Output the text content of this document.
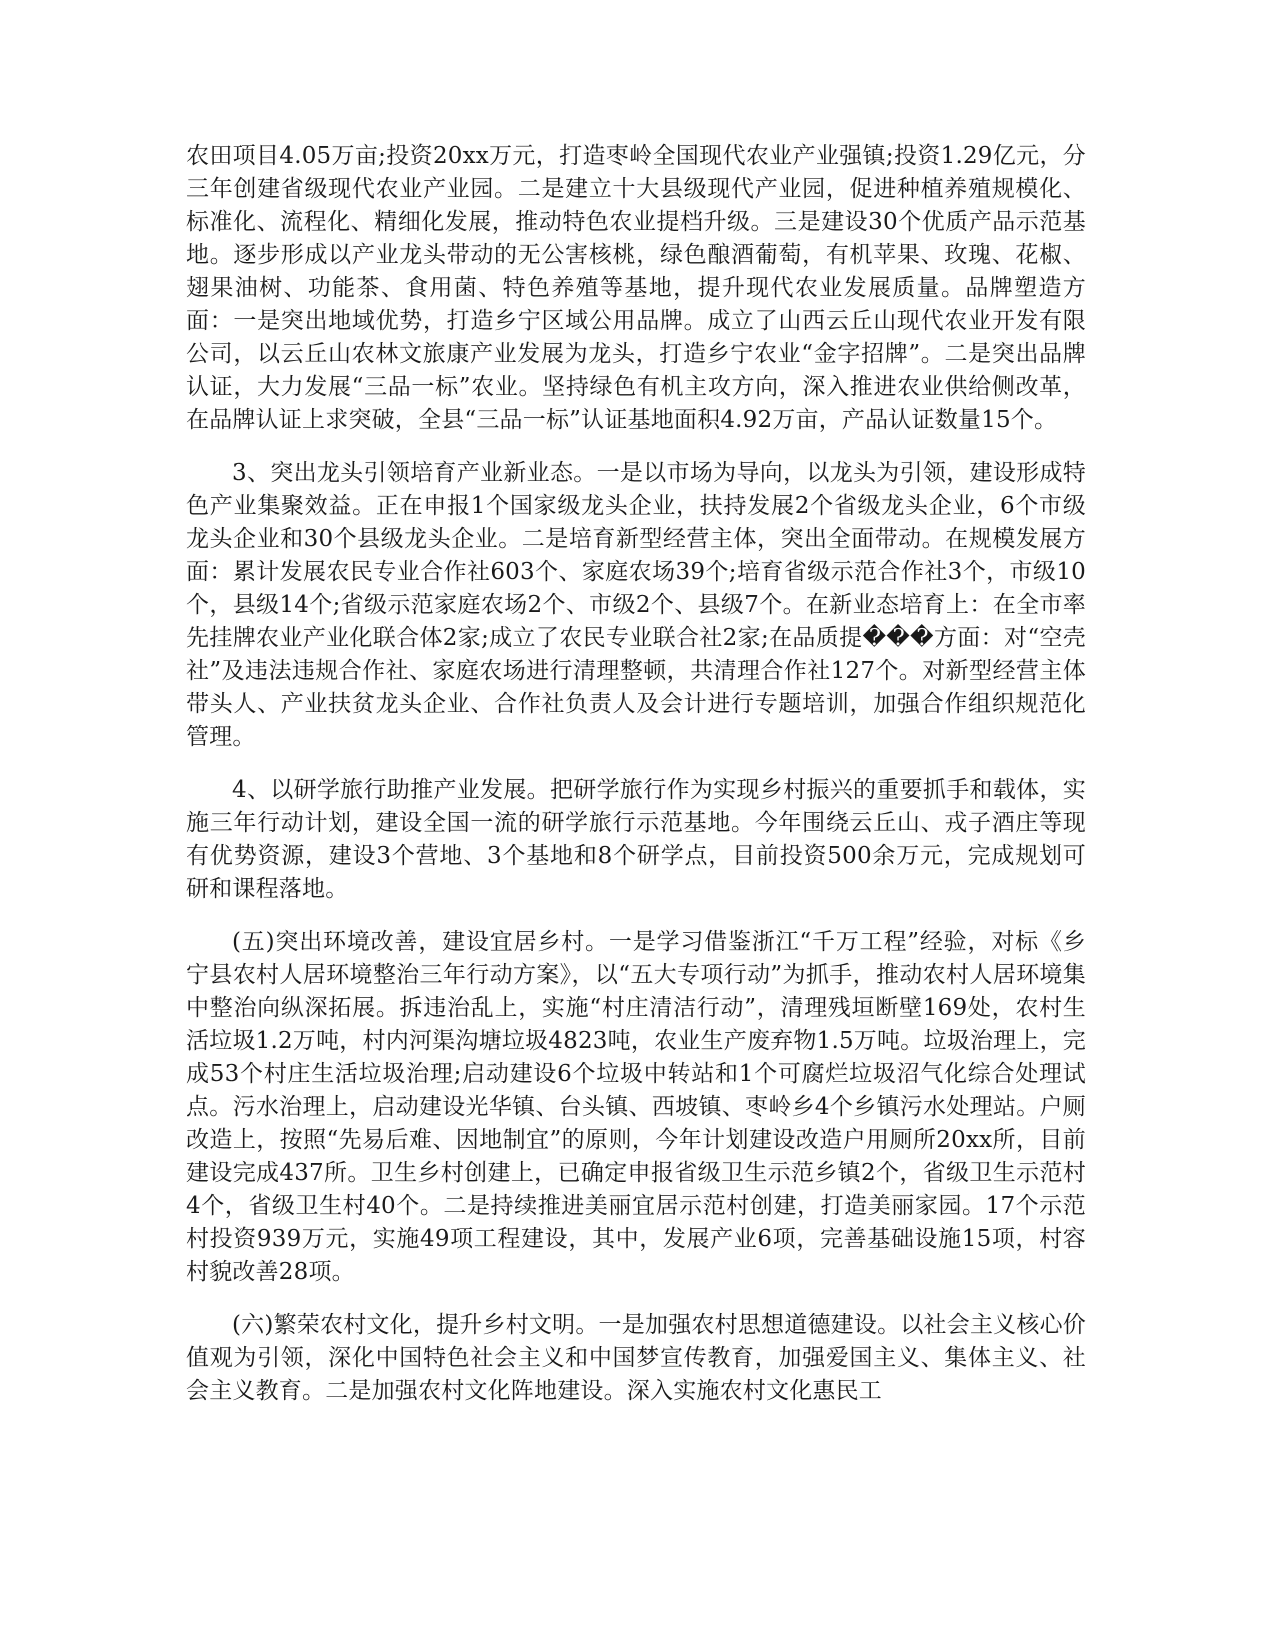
农田项目4.05万亩;投资20xx万元，打造枣岭全国现代农业产业强镇;投资1.29亿元，分三年创建省级现代农业产业园。二是建立十大县级现代产业园，促进种植养殖规模化、标准化、流程化、精细化发展，推动特色农业提档升级。三是建设30个优质产品示范基地。逐步形成以产业龙头带动的无公害核桃，绿色酿酒葡萄，有机苹果、玫瑰、花椒、翅果油树、功能茶、食用菌、特色养殖等基地，提升现代农业发展质量。品牌塑造方面：一是突出地域优势，打造乡宁区域公用品牌。成立了山西云丘山现代农业开发有限公司，以云丘山农林文旅康产业发展为龙头，打造乡宁农业“金字招牌”。二是突出品牌认证，大力发展“三品一标”农业。坚持绿色有机主攻方向，深入推进农业供给侧改革，在品牌认证上求突破，全县“三品一标”认证基地面积4.92万亩，产品认证数量15个。

3、突出龙头引领培育产业新业态。一是以市场为导向，以龙头为引领，建设形成特色产业集聚效益。正在申报1个国家级龙头企业，扶持发展2个省级龙头企业，6个市级龙头企业和30个县级龙头企业。二是培育新型经营主体，突出全面带动。在规模发展方面：累计发展农民专业合作社603个、家庭农场39个;培育省级示范合作社3个，市级10个，县级14个;省级示范家庭农场2个、市级2个、县级7个。在新业态培育上：在全市率先挂牌农业产业化联合体2家;成立了农民专业联合社2家;在品质提���方面：对“空壳社”及违法违规合作社、家庭农场进行清理整顿，共清理合作社127个。对新型经营主体带头人、产业扶贫龙头企业、合作社负责人及会计进行专题培训，加强合作组织规范化管理。

4、以研学旅行助推产业发展。把研学旅行作为实现乡村振兴的重要抓手和载体，实施三年行动计划，建设全国一流的研学旅行示范基地。今年围绕云丘山、戎子酒庄等现有优势资源，建设3个营地、3个基地和8个研学点，目前投资500余万元，完成规划可研和课程落地。

(五)突出环境改善，建设宜居乡村。一是学习借鉴浙江“千万工程”经验，对标《乡宁县农村人居环境整治三年行动方案》，以“五大专项行动”为抓手，推动农村人居环境集中整治向纵深拓展。拆违治乱上，实施“村庄清洁行动”，清理残垣断壁169处，农村生活垃圾1.2万吨，村内河渠沟塘垃圾4823吨，农业生产废弃物1.5万吨。垃圾治理上，完成53个村庄生活垃圾治理;启动建设6个垃圾中转站和1个可腐烂垃圾沼气化综合处理试点。污水治理上，启动建设光华镇、台头镇、西坡镇、枣岭乡4个乡镇污水处理站。户厕改造上，按照“先易后难、因地制宜”的原则，今年计划建设改造户用厕所20xx所，目前建设完成437所。卫生乡村创建上，已确定申报省级卫生示范乡镇2个，省级卫生示范村4个，省级卫生村40个。二是持续推进美丽宜居示范村创建，打造美丽家园。17个示范村投资939万元，实施49项工程建设，其中，发展产业6项，完善基础设施15项，村容村貌改善28项。

(六)繁荣农村文化，提升乡村文明。一是加强农村思想道德建设。以社会主义核心价值观为引领，深化中国特色社会主义和中国梦宣传教育，加强爱国主义、集体主义、社会主义教育。二是加强农村文化阵地建设。深入实施农村文化惠民工
